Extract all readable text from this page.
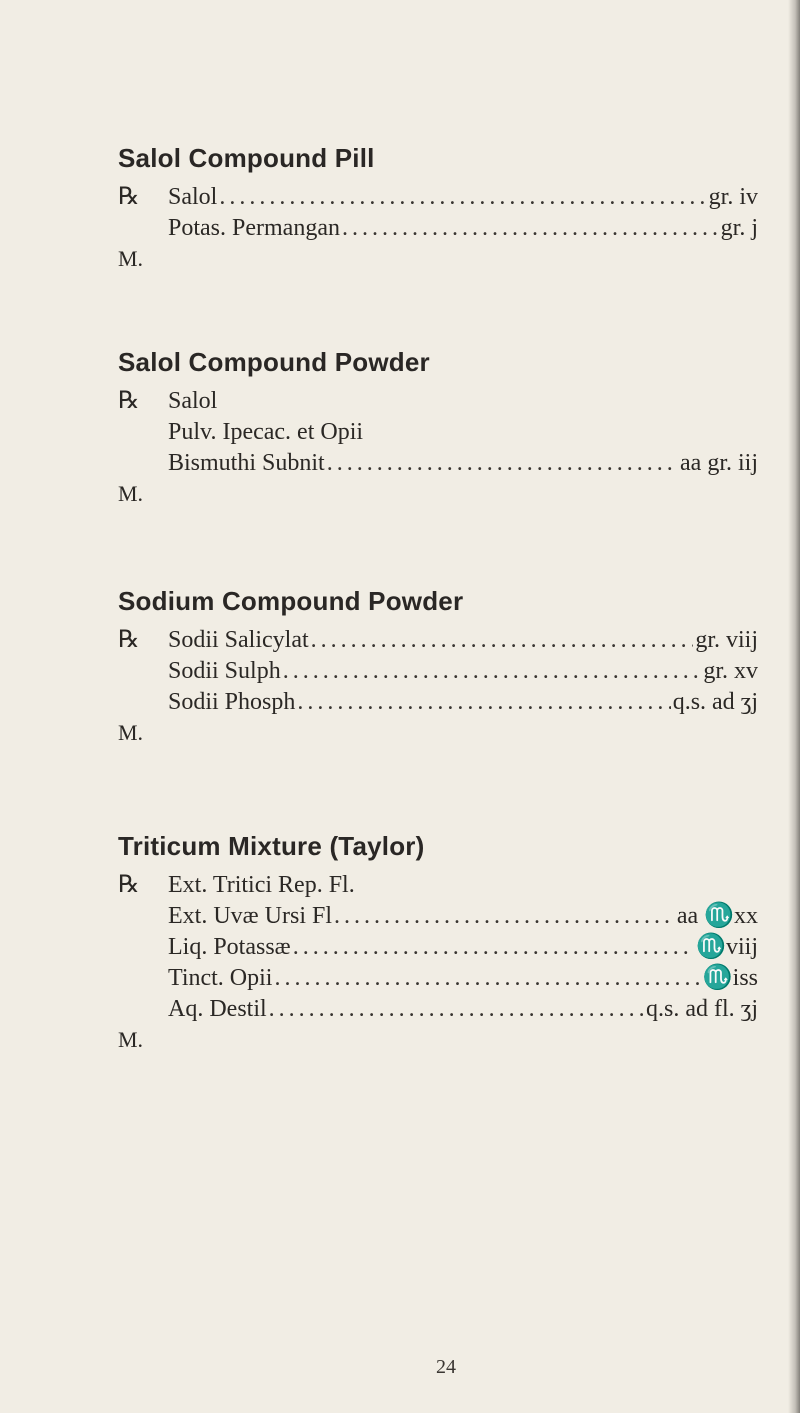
Salol Compound Pill
℞	Salol . . .	gr. iv
Potas. Permangan . . .	gr. j
M.
Salol Compound Powder
℞	Salol
Pulv. Ipecac. et Opii
Bismuthi Subnit . . .	aa gr. iij
M.
Sodium Compound Powder
℞	Sodii Salicylat . . .	gr. viij
Sodii Sulph . . .	gr. xv
Sodii Phosph . . .	q.s. ad ʒj
M.
Triticum Mixture (Taylor)
℞	Ext. Tritici Rep. Fl.
Ext. Uvæ Ursi Fl . . .	aa ♏xx
Liq. Potassæ . . .	♏viij
Tinct. Opii . . .	♏iss
Aq. Destil . . .	q.s. ad fl. ʒj
M.
24
